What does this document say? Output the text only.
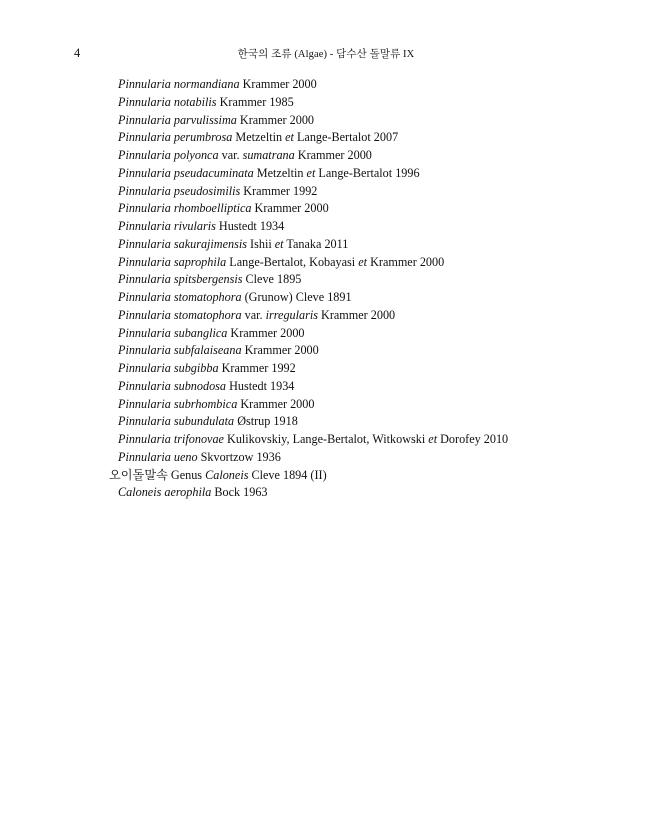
4	한국의 조류 (Algae) - 담수산 돌말류 IX
Pinnularia normandiana Krammer 2000
Pinnularia notabilis Krammer 1985
Pinnularia parvulissima Krammer 2000
Pinnularia perumbrosa Metzeltin et Lange-Bertalot 2007
Pinnularia polyonca var. sumatrana Krammer 2000
Pinnularia pseudacuminata Metzeltin et Lange-Bertalot 1996
Pinnularia pseudosimilis Krammer 1992
Pinnularia rhomboelliptica Krammer 2000
Pinnularia rivularis Hustedt 1934
Pinnularia sakurajimensis Ishii et Tanaka 2011
Pinnularia saprophila Lange-Bertalot, Kobayasi et Krammer 2000
Pinnularia spitsbergensis Cleve 1895
Pinnularia stomatophora (Grunow) Cleve 1891
Pinnularia stomatophora var. irregularis Krammer 2000
Pinnularia subanglica Krammer 2000
Pinnularia subfalaiseana Krammer 2000
Pinnularia subgibba Krammer 1992
Pinnularia subnodosa Hustedt 1934
Pinnularia subrhombica Krammer 2000
Pinnularia subundulata Østrup 1918
Pinnularia trifonovae Kulikovskiy, Lange-Bertalot, Witkowski et Dorofey 2010
Pinnularia ueno Skvortzow 1936
오이돌말속 Genus Caloneis Cleve 1894 (II)
Caloneis aerophila Bock 1963
